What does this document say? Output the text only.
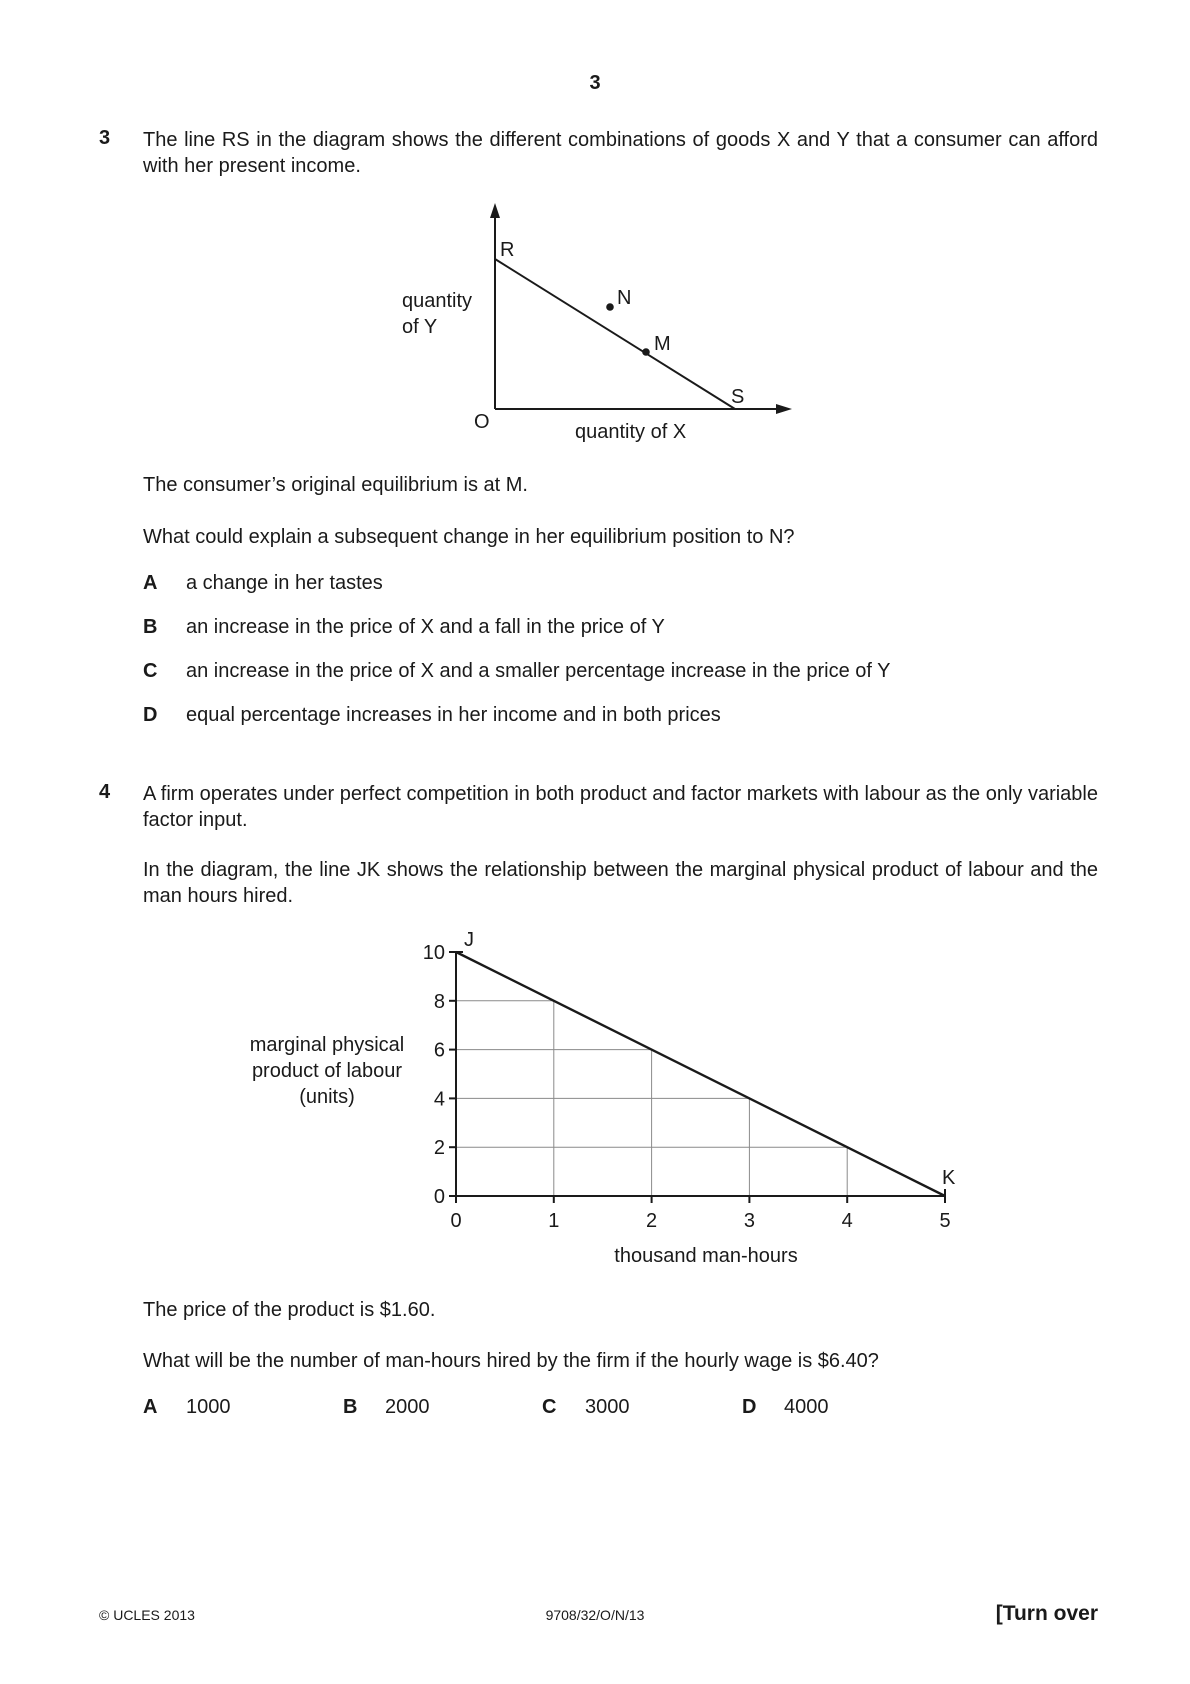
3
3 The line RS in the diagram shows the different combinations of goods X and Y that a consumer can afford with her present income.
R
N
M
S
O
quantity
of Y
quantity of X
The consumer’s original equilibrium is at M.
What could explain a subsequent change in her equilibrium position to N?
A a change in her tastes
B an increase in the price of X and a fall in the price of Y
C an increase in the price of X and a smaller percentage increase in the price of Y
D equal percentage increases in her income and in both prices
4 A firm operates under perfect competition in both product and factor markets with labour as the only variable factor input.
In the diagram, the line JK shows the relationship between the marginal physical product of labour and the man hours hired.
0
2
4
6
8
10
0	1	2	3	4	5
J
K
marginal physical
product of labour
(units)
thousand man-hours
The price of the product is $1.60.
What will be the number of man-hours hired by the firm if the hourly wage is $6.40?
A 1000	B 2000	C 3000	D 4000
© UCLES 2013	9708/32/O/N/13	[Turn over
